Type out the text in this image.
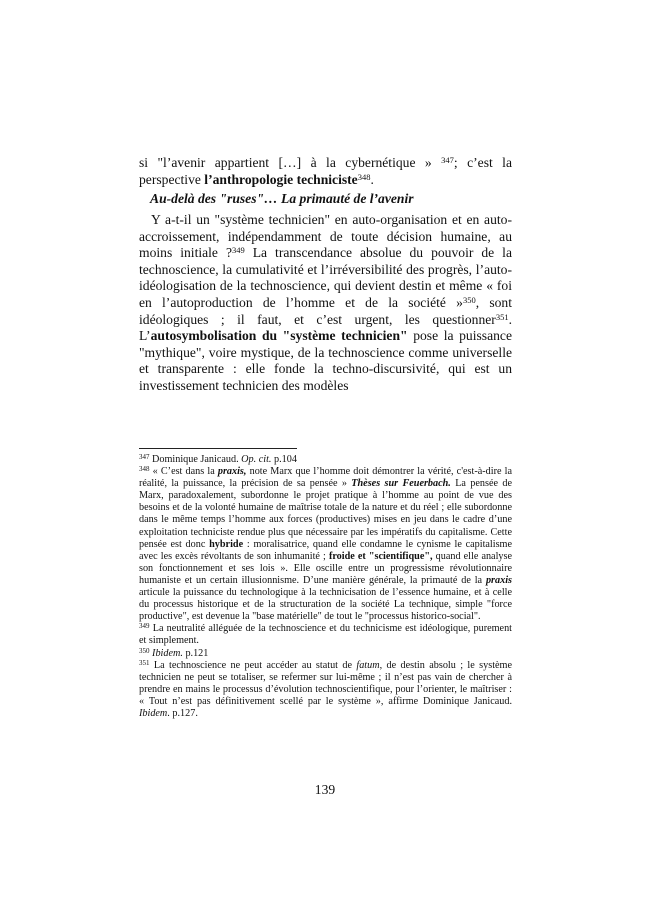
si "l’avenir appartient […] à la cybernétique » $^{347}$; c’est la perspective l’anthropologie techniciste$^{348}$.

Au-delà des "ruses"… La primauté de l’avenir

Y a-t-il un "système technicien" en auto-organisation et en auto-accroissement, indépendamment de toute décision humaine, au moins initiale ?$^{349}$ La transcendance absolue du pouvoir de la technoscience, la cumulativité et l’irréversibilité des progrès, l’auto-idéologisation de la technoscience, qui devient destin et même « foi en l’autoproduction de l’homme et de la société »$^{350}$, sont idéologiques ; il faut, et c’est urgent, les questionner$^{351}$. L’autosymbolisation du "système technicien" pose la puissance "mythique", voire mystique, de la technoscience comme universelle et transparente : elle fonde la techno-discursivité, qui est un investissement technicien des modèles

$^{347}$ Dominique Janicaud. Op. cit. p.104

$^{348}$ « C’est dans la praxis, note Marx que l’homme doit démontrer la vérité, c'est-à-dire la réalité, la puissance, la précision de sa pensée » Thèses sur Feuerbach. La pensée de Marx, paradoxalement, subordonne le projet pratique à l’homme au point de vue des besoins et de la volonté humaine de maîtrise totale de la nature et du réel ; elle subordonne dans le même temps l’homme aux forces (productives) mises en jeu dans le cadre d’une exploitation techniciste rendue plus que nécessaire par les impératifs du capitalisme. Cette pensée est donc hybride : moralisatrice, quand elle condamne le cynisme le capitalisme avec les excès révoltants de son inhumanité ; froide et "scientifique", quand elle analyse son fonctionnement et ses lois ». Elle oscille entre un progressisme révolutionnaire humaniste et un certain illusionnisme. D’une manière générale, la primauté de la praxis articule la puissance du technologique à la technicisation de l’essence humaine, et à celle du processus historique et de la structuration de la société La technique, simple "force productive", est devenue la "base matérielle" de tout le "processus historico-social".

$^{349}$ La neutralité alléguée de la technoscience et du technicisme est idéologique, purement et simplement.

$^{350}$ Ibidem. p.121

$^{351}$ La technoscience ne peut accéder au statut de fatum, de destin absolu ; le système technicien ne peut se totaliser, se refermer sur lui-même ; il n’est pas vain de chercher à prendre en mains le processus d’évolution technoscientifique, pour l’orienter, le maîtriser : « Tout n’est pas définitivement scellé par le système », affirme Dominique Janicaud. Ibidem. p.127.

139
